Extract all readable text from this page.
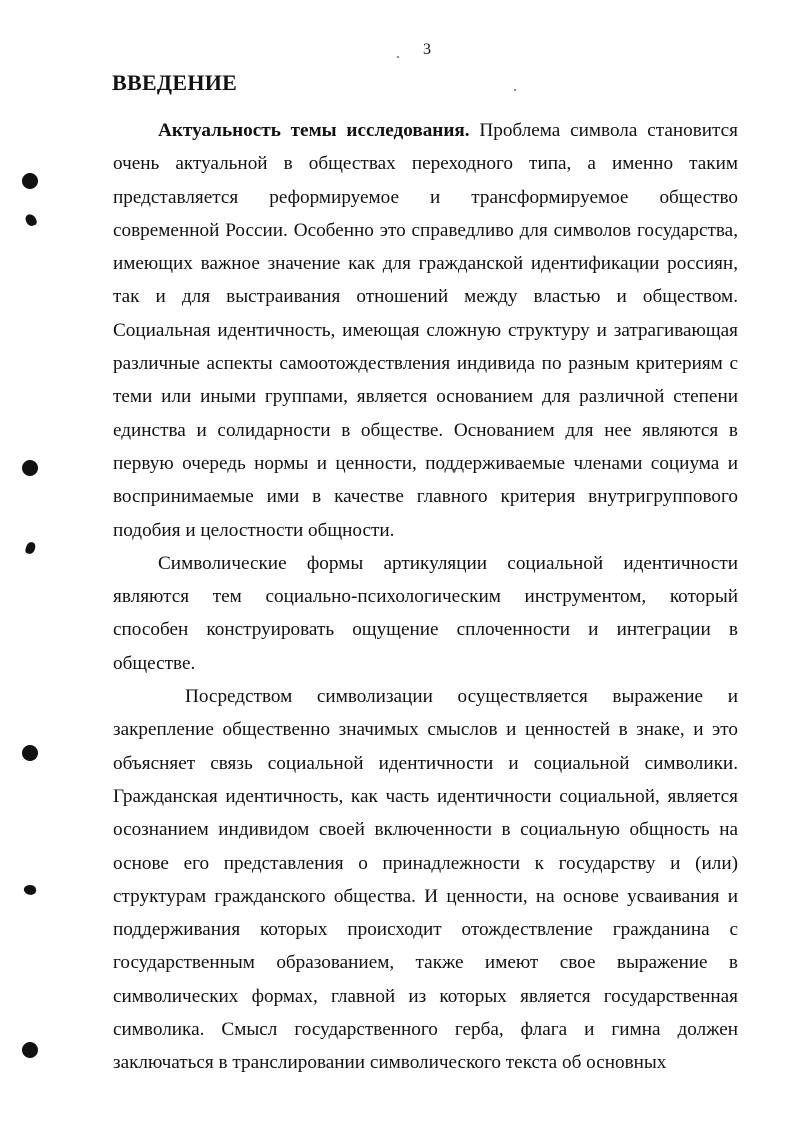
3
ВВЕДЕНИЕ

Актуальность темы исследования. Проблема символа становится очень актуальной в обществах переходного типа, а именно таким представляется реформируемое и трансформируемое общество современной России. Особенно это справедливо для символов государства, имеющих важное значение как для гражданской идентификации россиян, так и для выстраивания отношений между властью и обществом. Социальная идентичность, имеющая сложную структуру и затрагивающая различные аспекты самоотождествления индивида по разным критериям с теми или иными группами, является основанием для различной степени единства и солидарности в обществе. Основанием для нее являются в первую очередь нормы и ценности, поддерживаемые членами социума и воспринимаемые ими в качестве главного критерия внутригруппового подобия и целостности общности.

Символические формы артикуляции социальной идентичности являются тем социально-психологическим инструментом, который способен конструировать ощущение сплоченности и интеграции в обществе.

Посредством символизации осуществляется выражение и закрепление общественно значимых смыслов и ценностей в знаке, и это объясняет связь социальной идентичности и социальной символики. Гражданская идентичность, как часть идентичности социальной, является осознанием индивидом своей включенности в социальную общность на основе его представления о принадлежности к государству и (или) структурам гражданского общества. И ценности, на основе усваивания и поддерживания которых происходит отождествление гражданина с государственным образованием, также имеют свое выражение в символических формах, главной из которых является государственная символика. Смысл государственного герба, флага и гимна должен заключаться в транслировании символического текста об основных
